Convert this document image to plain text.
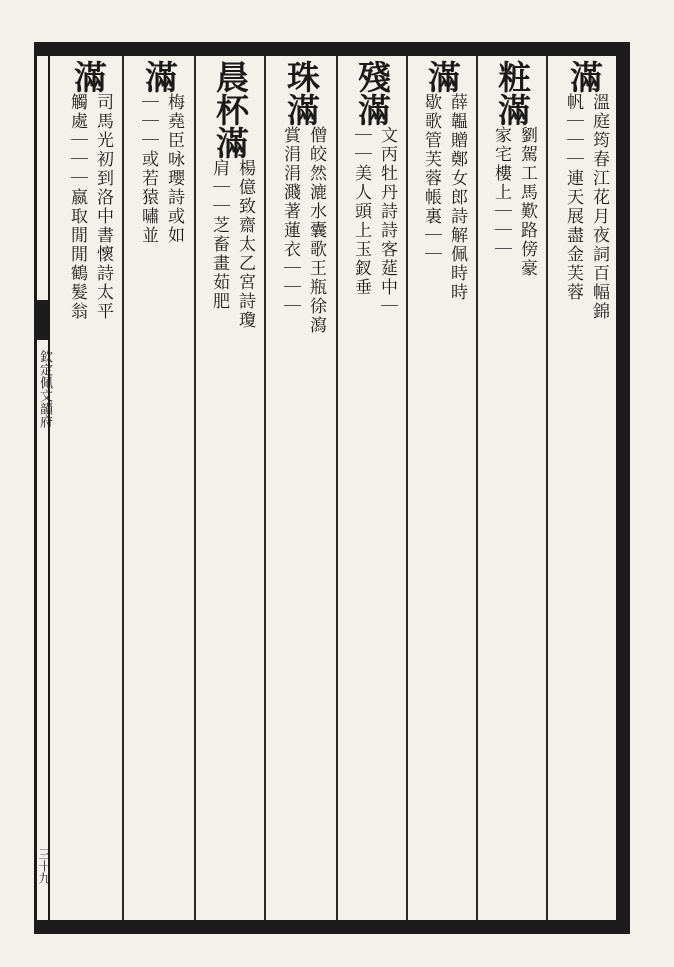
欽定佩文韻府
三十九
滿溫庭筠春江花月夜詞百幅錦
帆｜｜｜連天展盡金芙蓉
粧滿劉駕工馬歎路傍豪
家宅樓上｜｜｜
滿薛韞贈鄭女郎詩解佩時時
歇歌管芙蓉帳裏｜｜
殘滿文丙牡丹詩詩客莚中｜
｜｜美人頭上玉釵垂
珠滿僧皎然漉水囊歌王瓶徐瀉
賞涓涓濺著蓮衣｜｜｜
晨杯滿楊億致齋太乙宮詩瓊
肩｜｜芝畜畫茹肥
滿梅堯臣咏瓔詩或如
｜｜｜或若猿嘯並
滿司馬光初到洛中書懷詩太平
觸處｜｜｜嬴取閒閒鶴髮翁
